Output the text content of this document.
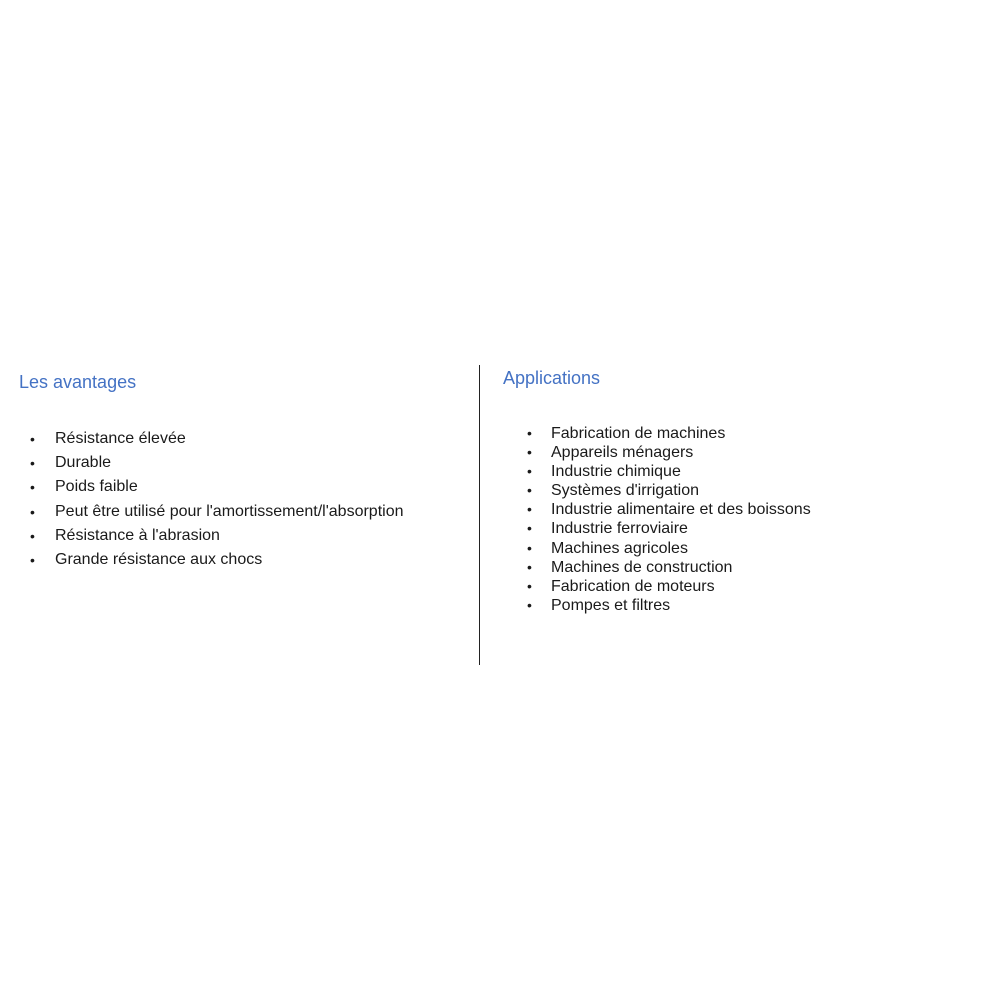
Les avantages
• Résistance élevée
• Durable
• Poids faible
• Peut être utilisé pour l'amortissement/l'absorption
• Résistance à l'abrasion
• Grande résistance aux chocs
Applications
• Fabrication de machines
• Appareils ménagers
• Industrie chimique
• Systèmes d'irrigation
• Industrie alimentaire et des boissons
• Industrie ferroviaire
• Machines agricoles
• Machines de construction
• Fabrication de moteurs
• Pompes et filtres
